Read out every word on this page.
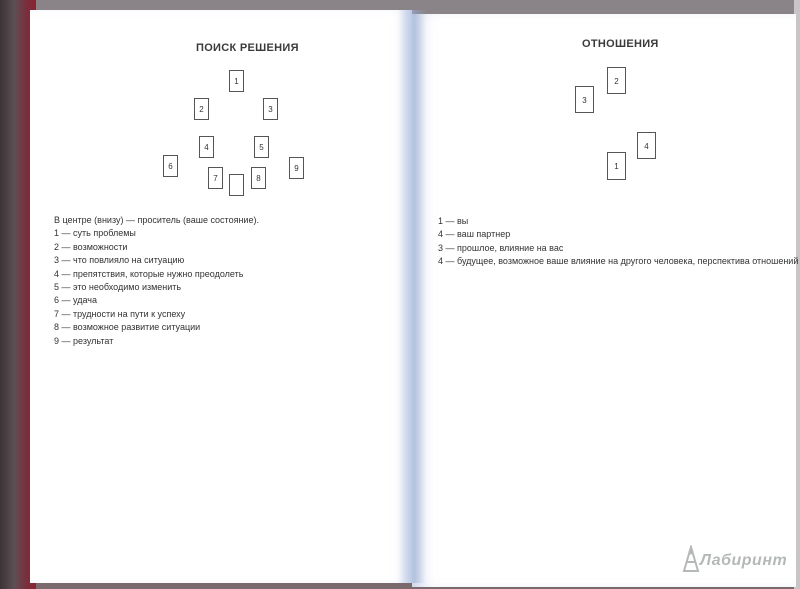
ПОИСК РЕШЕНИЯ
1
2	3
4	5
6
7	8
9
В центре (внизу) — проситель (ваше состояние).
1 — суть проблемы
2 — возможности
3 — что повлияло на ситуацию
4 — препятствия, которые нужно преодолеть
5 — это необходимо изменить
6 — удача
7 — трудности на пути к успеху
8 — возможное развитие ситуации
9 — результат
ОТНОШЕНИЯ
2
3
4
1
1 — вы
4 — ваш партнер
3 — прошлое, влияние на вас
4 — будущее, возможное ваше влияние на другого человека, перспектива отношений
Лабиринт
